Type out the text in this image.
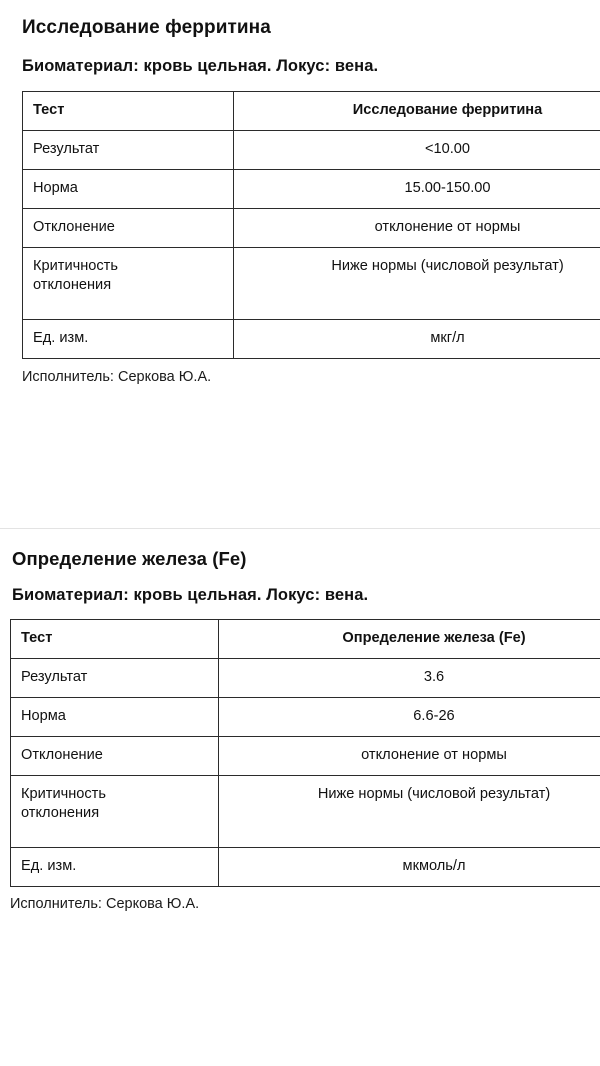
Исследование ферритина
Биоматериал: кровь цельная. Локус: вена.
Тест	Исследование ферритина
Результат	<10.00
Норма	15.00-150.00
Отклонение	отклонение от нормы
Критичность
отклонения	Ниже нормы (числовой результат)
Ед. изм.	мкг/л

Исполнитель: Серкова Ю.А.

Определение железа (Fe)
Биоматериал: кровь цельная. Локус: вена.
Тест	Определение железа (Fe)
Результат	3.6
Норма	6.6-26
Отклонение	отклонение от нормы
Критичность
отклонения	Ниже нормы (числовой результат)
Ед. изм.	мкмоль/л

Исполнитель: Серкова Ю.А.
